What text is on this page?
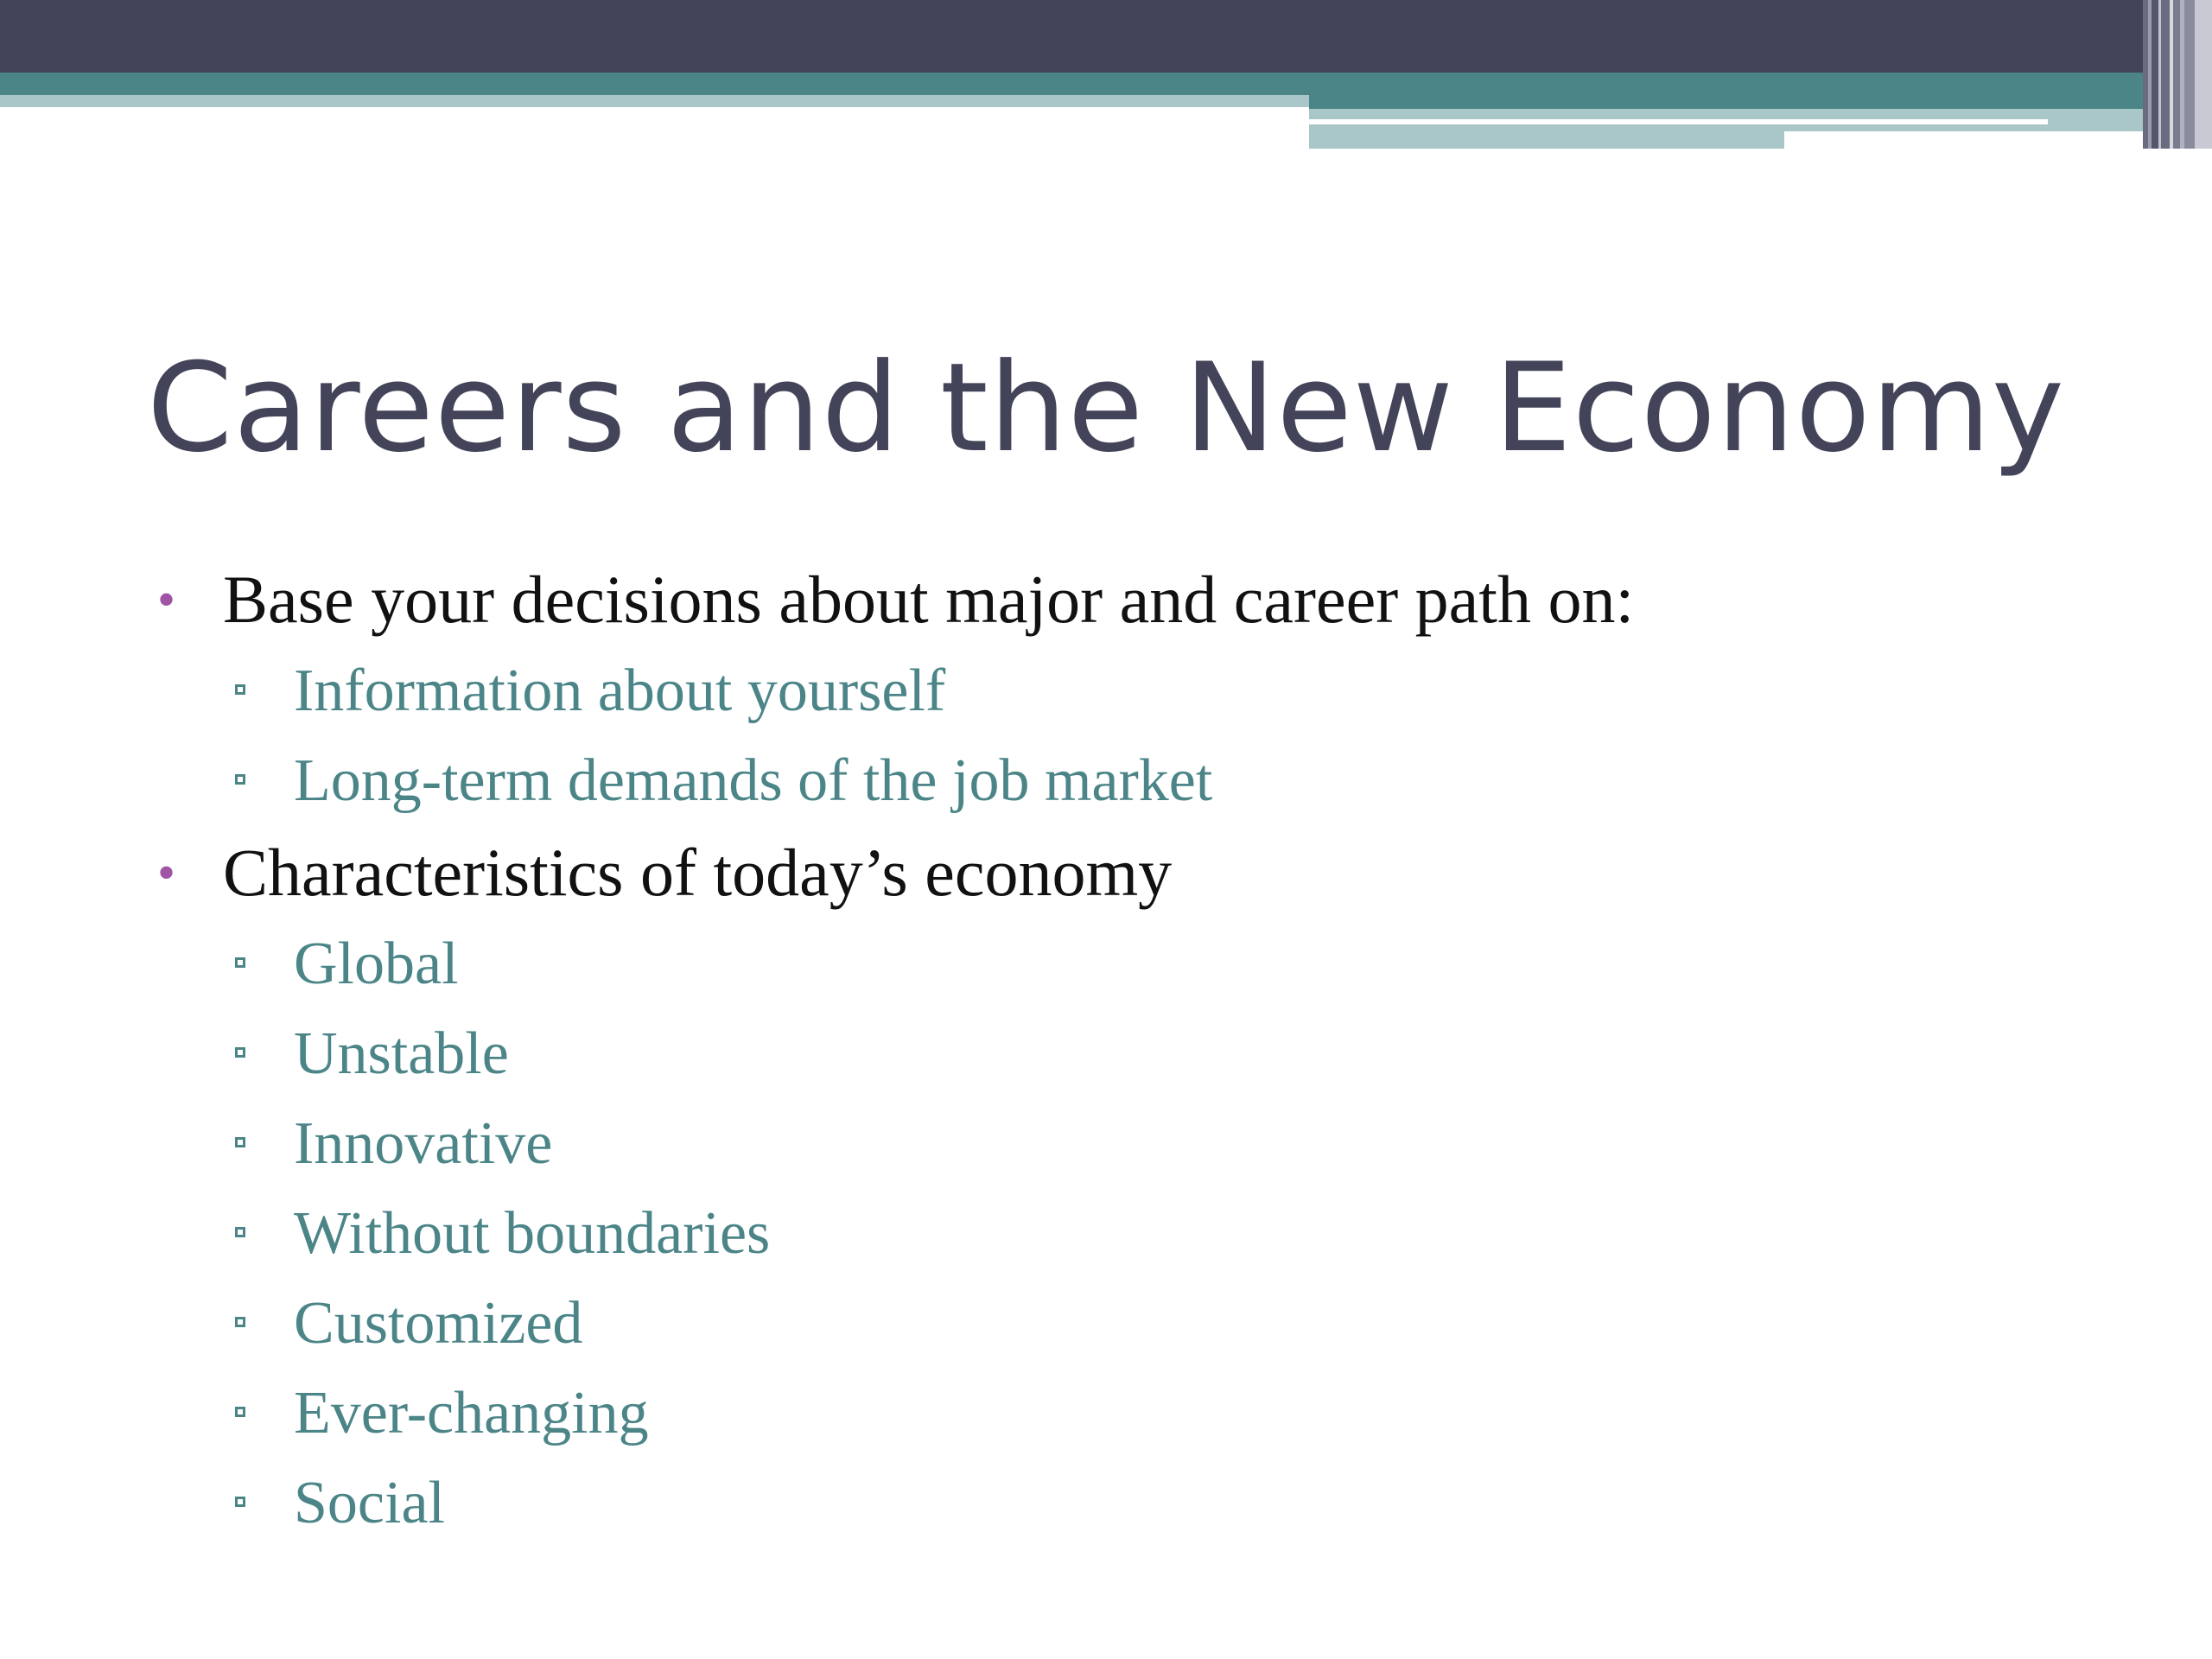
Careers and the New Economy
• Base your decisions about major and career path on:
Information about yourself
Long-term demands of the job market
• Characteristics of today’s economy
Global
Unstable
Innovative
Without boundaries
Customized
Ever-changing
Social
